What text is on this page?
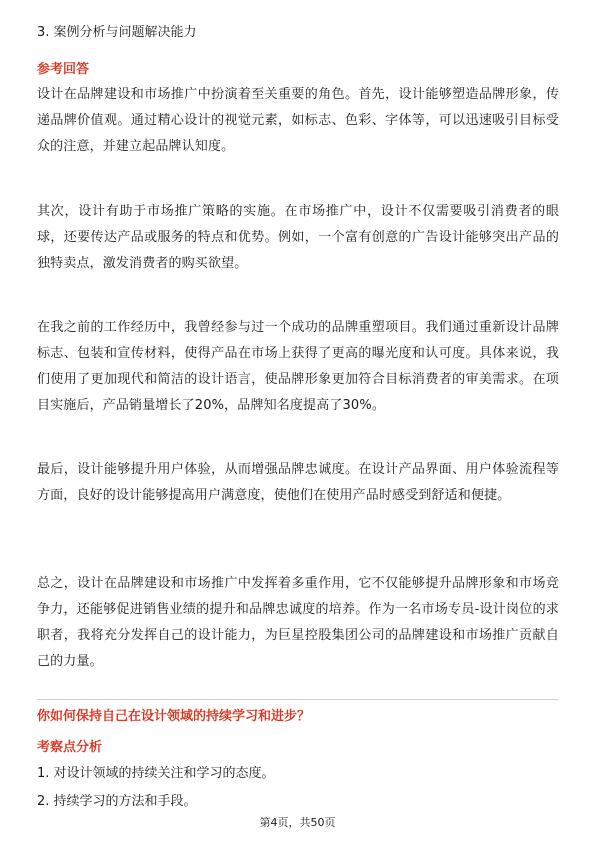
3. 案例分析与问题解决能力
参考回答
设计在品牌建设和市场推广中扮演着至关重要的角色。首先，设计能够塑造品牌形象，传递品牌价值观。通过精心设计的视觉元素，如标志、色彩、字体等，可以迅速吸引目标受众的注意，并建立起品牌认知度。
其次，设计有助于市场推广策略的实施。在市场推广中，设计不仅需要吸引消费者的眼球，还要传达产品或服务的特点和优势。例如，一个富有创意的广告设计能够突出产品的独特卖点，激发消费者的购买欲望。
在我之前的工作经历中，我曾经参与过一个成功的品牌重塑项目。我们通过重新设计品牌标志、包装和宣传材料，使得产品在市场上获得了更高的曝光度和认可度。具体来说，我们使用了更加现代和简洁的设计语言，使品牌形象更加符合目标消费者的审美需求。在项目实施后，产品销量增长了20%，品牌知名度提高了30%。
最后，设计能够提升用户体验，从而增强品牌忠诚度。在设计产品界面、用户体验流程等方面，良好的设计能够提高用户满意度，使他们在使用产品时感受到舒适和便捷。
总之，设计在品牌建设和市场推广中发挥着多重作用，它不仅能够提升品牌形象和市场竞争力，还能够促进销售业绩的提升和品牌忠诚度的培养。作为一名市场专员-设计岗位的求职者，我将充分发挥自己的设计能力，为巨星控股集团公司的品牌建设和市场推广贡献自己的力量。
你如何保持自己在设计领域的持续学习和进步？
考察点分析
1. 对设计领域的持续关注和学习的态度。
2. 持续学习的方法和手段。
第4页，共50页
